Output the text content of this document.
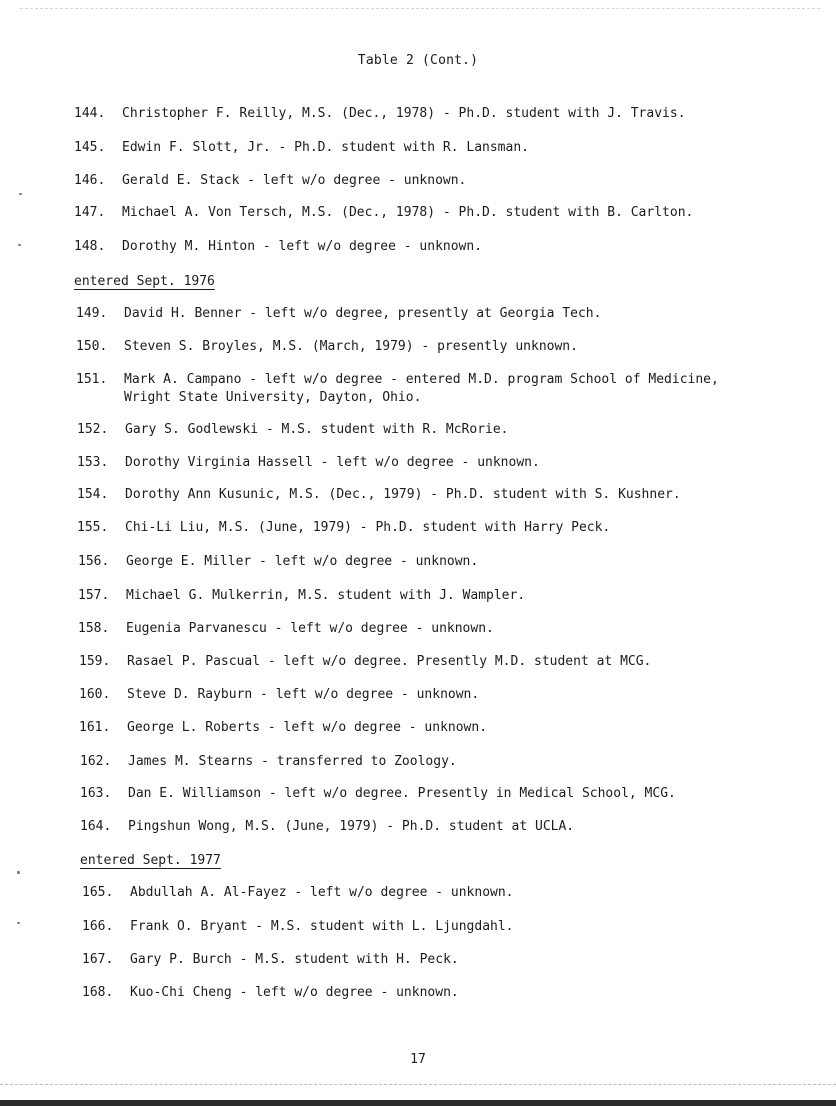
Table 2 (Cont.)
144. Christopher F. Reilly, M.S. (Dec., 1978) - Ph.D. student with J. Travis.
145. Edwin F. Slott, Jr. - Ph.D. student with R. Lansman.
146. Gerald E. Stack - left w/o degree - unknown.
147. Michael A. Von Tersch, M.S. (Dec., 1978) - Ph.D. student with B. Carlton.
148. Dorothy M. Hinton - left w/o degree - unknown.
entered Sept. 1976
149. David H. Benner - left w/o degree, presently at Georgia Tech.
150. Steven S. Broyles, M.S. (March, 1979) - presently unknown.
151. Mark A. Campano - left w/o degree - entered M.D. program School of Medicine,
Wright State University, Dayton, Ohio.
152. Gary S. Godlewski - M.S. student with R. McRorie.
153. Dorothy Virginia Hassell - left w/o degree - unknown.
154. Dorothy Ann Kusunic, M.S. (Dec., 1979) - Ph.D. student with S. Kushner.
155. Chi-Li Liu, M.S. (June, 1979) - Ph.D. student with Harry Peck.
156. George E. Miller - left w/o degree - unknown.
157. Michael G. Mulkerrin, M.S. student with J. Wampler.
158. Eugenia Parvanescu - left w/o degree - unknown.
159. Rasael P. Pascual - left w/o degree. Presently M.D. student at MCG.
160. Steve D. Rayburn - left w/o degree - unknown.
161. George L. Roberts - left w/o degree - unknown.
162. James M. Stearns - transferred to Zoology.
163. Dan E. Williamson - left w/o degree. Presently in Medical School, MCG.
164. Pingshun Wong, M.S. (June, 1979) - Ph.D. student at UCLA.
entered Sept. 1977
165. Abdullah A. Al-Fayez - left w/o degree - unknown.
166. Frank O. Bryant - M.S. student with L. Ljungdahl.
167. Gary P. Burch - M.S. student with H. Peck.
168. Kuo-Chi Cheng - left w/o degree - unknown.
17
